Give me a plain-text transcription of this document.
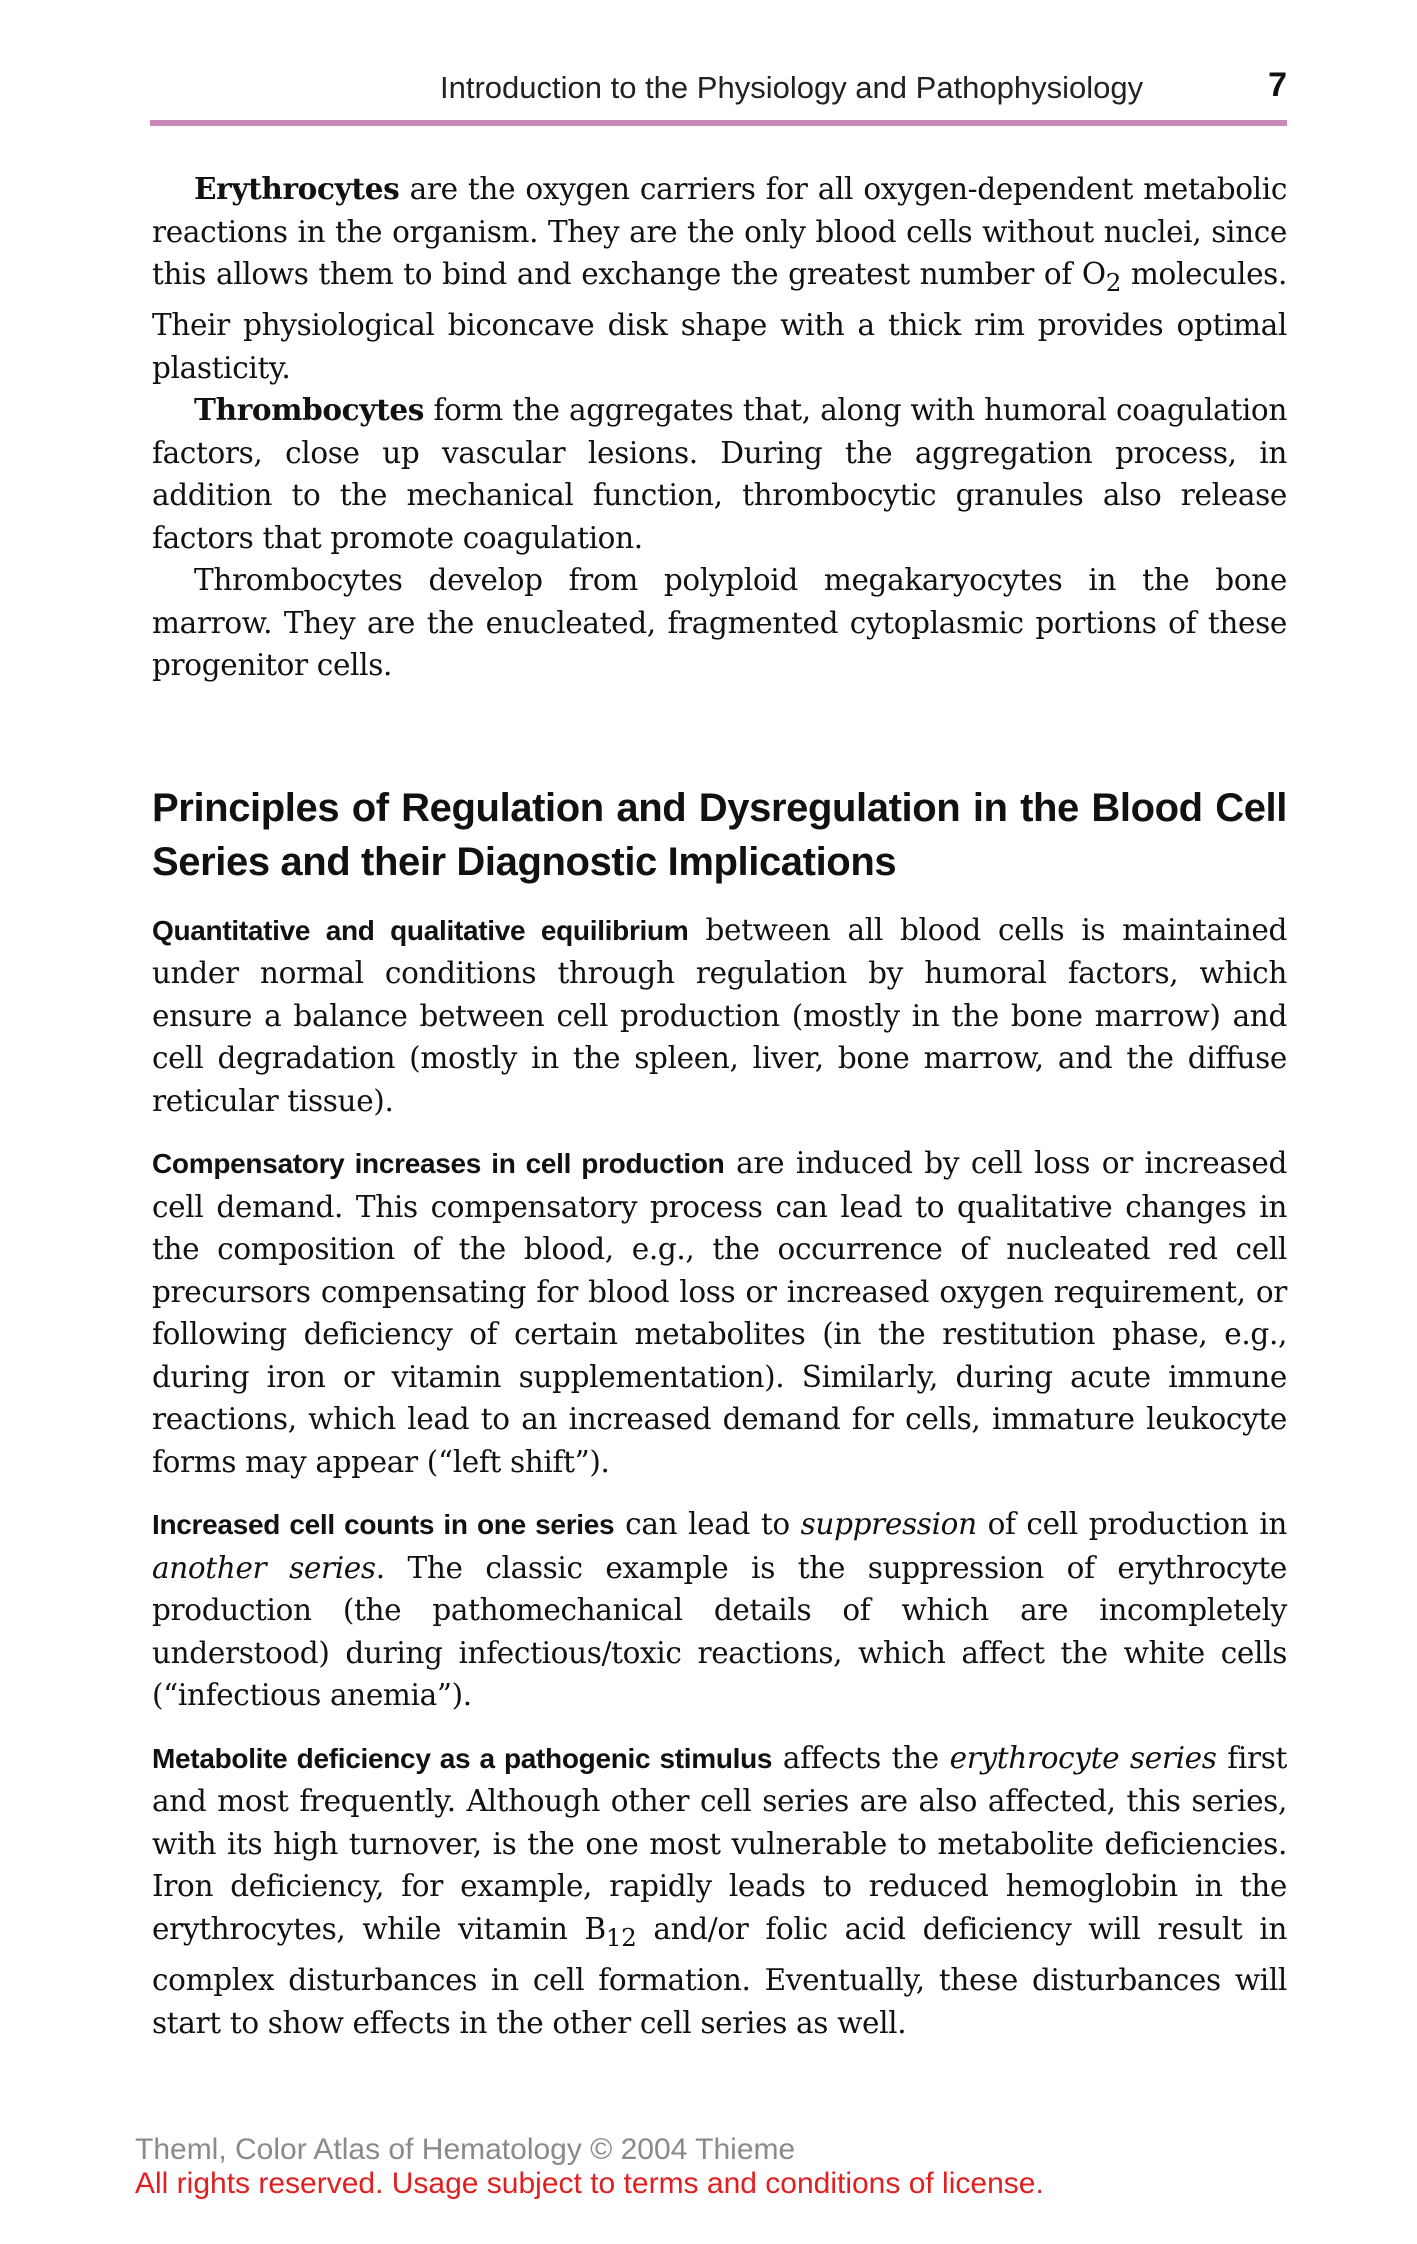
Introduction to the Physiology and Pathophysiology	7

Erythrocytes are the oxygen carriers for all oxygen-dependent metabolic reactions in the organism. They are the only blood cells without nuclei, since this allows them to bind and exchange the greatest number of $O_2$ molecules. Their physiological biconcave disk shape with a thick rim provides optimal plasticity.

Thrombocytes form the aggregates that, along with humoral coagulation factors, close up vascular lesions. During the aggregation process, in addition to the mechanical function, thrombocytic granules also release factors that promote coagulation.

Thrombocytes develop from polyploid megakaryocytes in the bone marrow. They are the enucleated, fragmented cytoplasmic portions of these progenitor cells.

Principles of Regulation and Dysregulation in the Blood Cell Series and their Diagnostic Implications

Quantitative and qualitative equilibrium between all blood cells is maintained under normal conditions through regulation by humoral factors, which ensure a balance between cell production (mostly in the bone marrow) and cell degradation (mostly in the spleen, liver, bone marrow, and the diffuse reticular tissue).

Compensatory increases in cell production are induced by cell loss or increased cell demand. This compensatory process can lead to qualitative changes in the composition of the blood, e.g., the occurrence of nucleated red cell precursors compensating for blood loss or increased oxygen requirement, or following deficiency of certain metabolites (in the restitution phase, e.g., during iron or vitamin supplementation). Similarly, during acute immune reactions, which lead to an increased demand for cells, immature leukocyte forms may appear (“left shift”).

Increased cell counts in one series can lead to suppression of cell production in another series. The classic example is the suppression of erythrocyte production (the pathomechanical details of which are incompletely understood) during infectious/toxic reactions, which affect the white cells (“infectious anemia”).

Metabolite deficiency as a pathogenic stimulus affects the erythrocyte series first and most frequently. Although other cell series are also affected, this series, with its high turnover, is the one most vulnerable to metabolite deficiencies. Iron deficiency, for example, rapidly leads to reduced hemoglobin in the erythrocytes, while vitamin $B_{12}$ and/or folic acid deficiency will result in complex disturbances in cell formation. Eventually, these disturbances will start to show effects in the other cell series as well.

Theml, Color Atlas of Hematology © 2004 Thieme
All rights reserved. Usage subject to terms and conditions of license.
